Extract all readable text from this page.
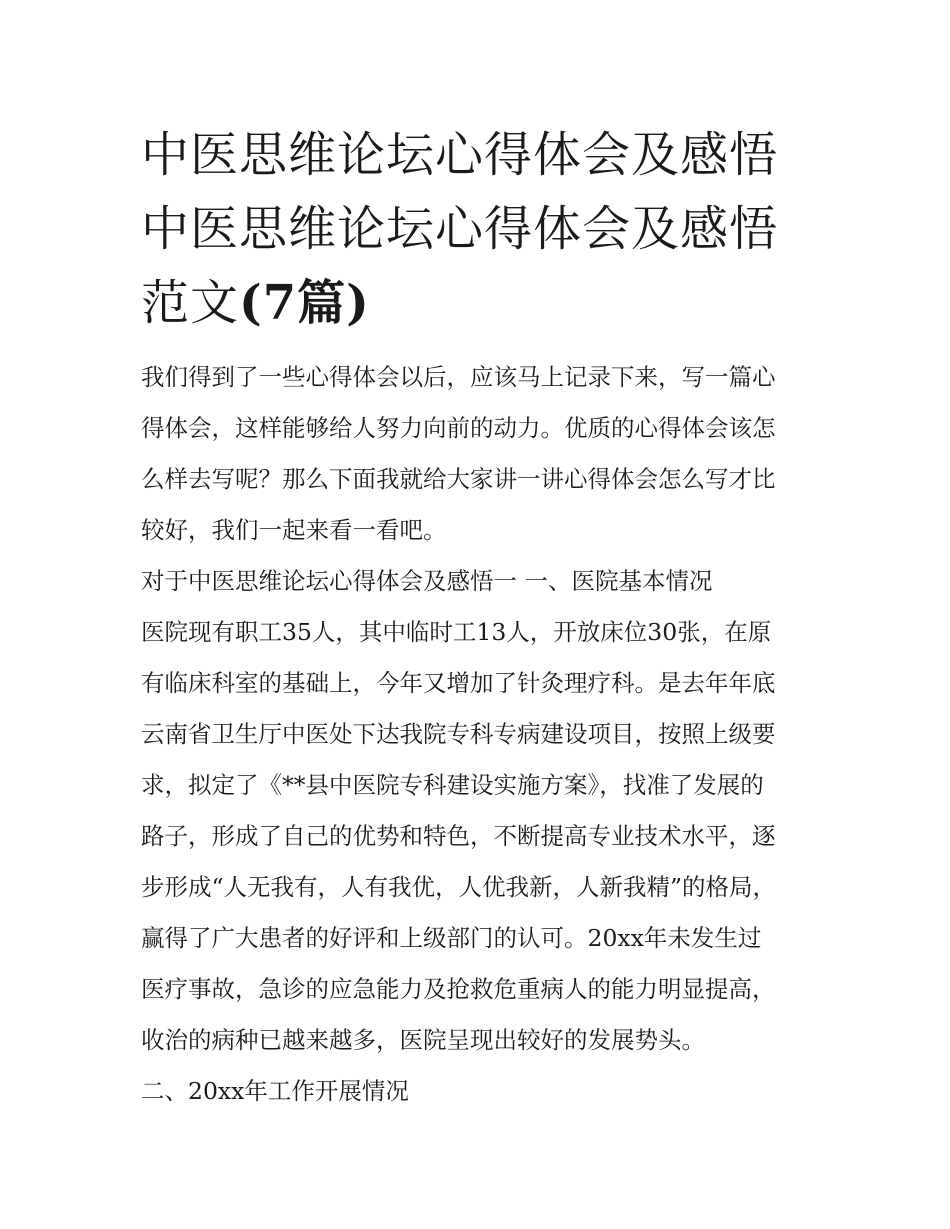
中医思维论坛心得体会及感悟
中医思维论坛心得体会及感悟
范文(7篇)
我们得到了一些心得体会以后，应该马上记录下来，写一篇心
得体会，这样能够给人努力向前的动力。优质的心得体会该怎
么样去写呢？那么下面我就给大家讲一讲心得体会怎么写才比
较好，我们一起来看一看吧。
对于中医思维论坛心得体会及感悟一 一、医院基本情况
医院现有职工35人，其中临时工13人，开放床位30张，在原
有临床科室的基础上，今年又增加了针灸理疗科。是去年年底
云南省卫生厅中医处下达我院专科专病建设项目，按照上级要
求，拟定了《**县中医院专科建设实施方案》，找准了发展的
路子，形成了自己的优势和特色，不断提高专业技术水平，逐
步形成“人无我有，人有我优，人优我新，人新我精”的格局，
赢得了广大患者的好评和上级部门的认可。20xx年未发生过
医疗事故，急诊的应急能力及抢救危重病人的能力明显提高，
收治的病种已越来越多，医院呈现出较好的发展势头。
二、20xx年工作开展情况
